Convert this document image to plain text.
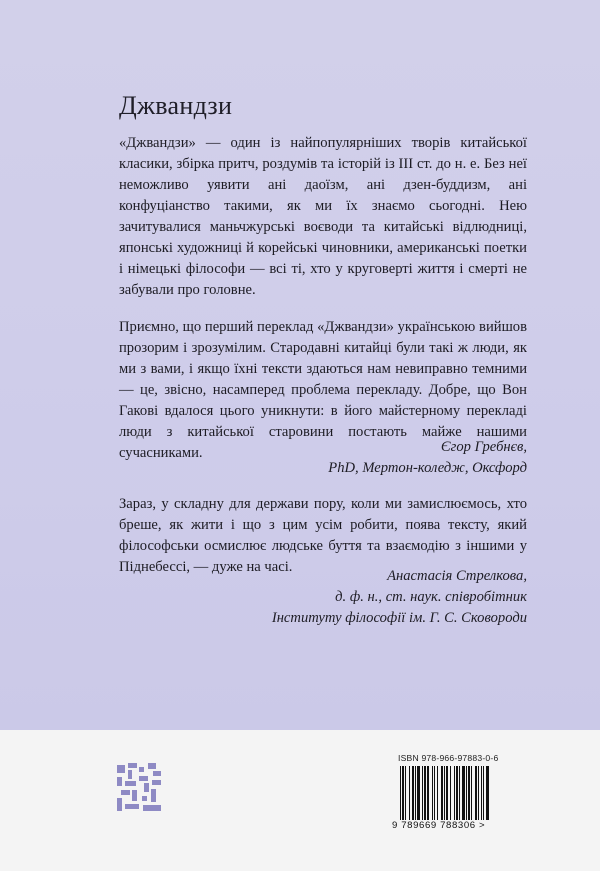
Джвандзи

«Джвандзи» — один із найпопулярніших творів китайської класики, збірка притч, роздумів та історій із III ст. до н. е. Без неї неможливо уявити ані даоїзм, ані дзен-буддизм, ані конфуціанство такими, як ми їх знаємо сьогодні. Нею зачитувалися маньчжурські воєводи та китайські відлюдниці, японські художниці й корейські чиновники, американські поетки і німецькі філософи — всі ті, хто у круговерті життя і смерті не забували про головне.

Приємно, що перший переклад «Джвандзи» українською вийшов прозорим і зрозумілим. Стародавні китайці були такі ж люди, як ми з вами, і якщо їхні тексти здаються нам невиправно темними — це, звісно, насамперед проблема перекладу. Добре, що Вон Гакові вдалося цього уникнути: в його майстерному перекладі люди з китайської старовини постають майже нашими сучасниками.	Єгор Гребнєв,
PhD, Мертон-коледж, Оксфорд

Зараз, у складну для держави пору, коли ми замислюємось, хто бреше, як жити і що з цим усім робити, поява тексту, який філософськи осмислює людське буття та взаємодію з іншими у Піднебессі, — дуже на часі.

Анастасія Стрелкова,
д. ф. н., ст. наук. співробітник
Інституту філософії ім. Г. С. Сковороди
ISBN 978-966-97883-0-6
9 789669 788306 >
